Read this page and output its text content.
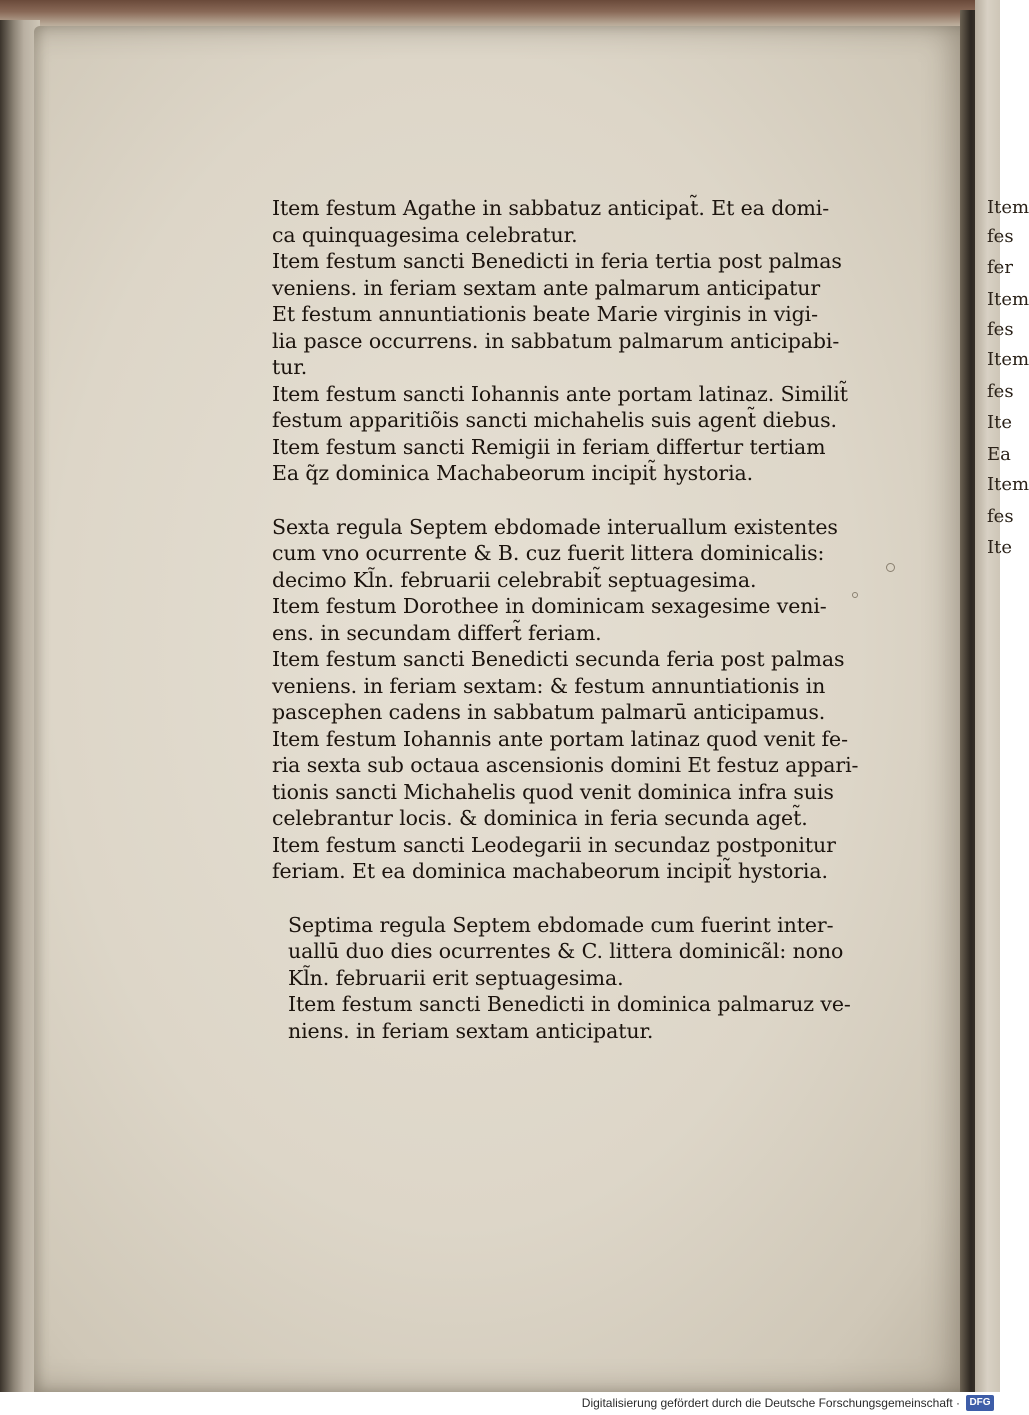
Item
fes
fer
Item
fes
Item
fes
Ite
Ea
Item
fes
Ite
Item festum Agathe in sabbatuz anticipat̃. Et ea domi-
ca quinquagesima celebratur.
Item festum sancti Benedicti in feria tertia post palmas
veniens. in feriam sextam ante palmarum anticipatur
Et festum annuntiationis beate Marie virginis in vigi-
lia pasce occurrens. in sabbatum palmarum anticipabi-
tur.
Item festum sancti Iohannis ante portam latinaz. Similit̃
festum apparitiõis sancti michahelis suis agent̃ diebus.
Item festum sancti Remigii in feriam differtur tertiam
Ea q̃z dominica Machabeorum incipit̃ hystoria.
Sexta regula Septem ebdomade interuallum existentes
cum vno ocurrente & B. cuz fuerit littera dominicalis:
decimo Kl̃n. februarii celebrabit̃ septuagesima.
Item festum Dorothee in dominicam sexagesime veni-
ens. in secundam differt̃ feriam.
Item festum sancti Benedicti secunda feria post palmas
veniens. in feriam sextam: & festum annuntiationis in
pascephen cadens in sabbatum palmarū anticipamus.
Item festum Iohannis ante portam latinaz quod venit fe-
ria sexta sub octaua ascensionis domini Et festuz appari-
tionis sancti Michahelis quod venit dominica infra suis
celebrantur locis. & dominica in feria secunda aget̃.
Item festum sancti Leodegarii in secundaz postponitur
feriam. Et ea dominica machabeorum incipit̃ hystoria.
Septima regula Septem ebdomade cum fuerint inter-
uallū duo dies ocurrentes & C. littera dominicãl: nono
Kl̃n. februarii erit septuagesima.
Item festum sancti Benedicti in dominica palmaruz ve-
niens. in feriam sextam anticipatur.
Digitalisierung gefördert durch die Deutsche Forschungsgemeinschaft · DFG
